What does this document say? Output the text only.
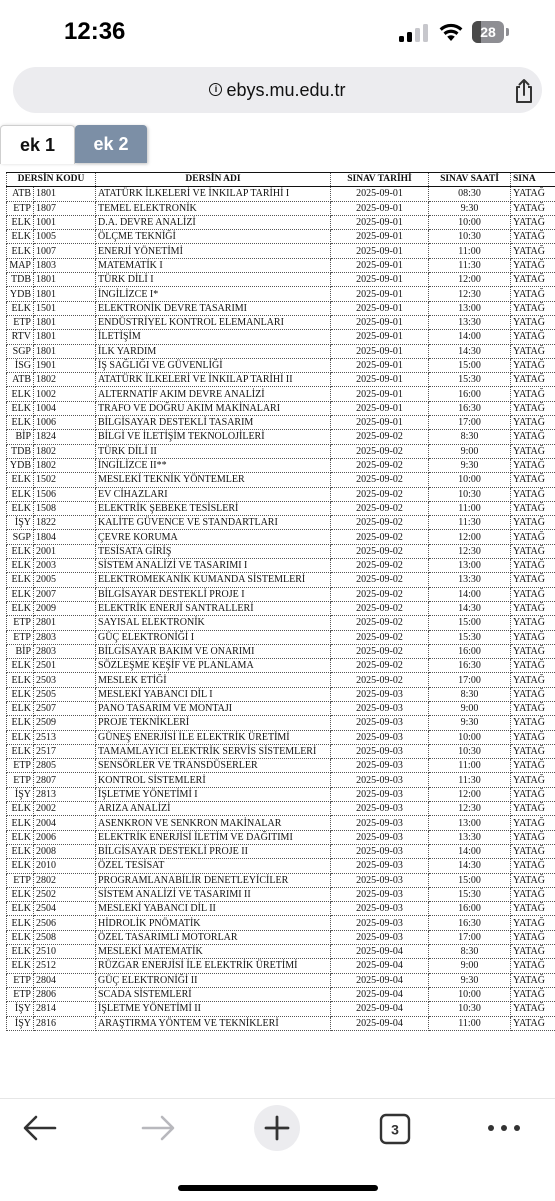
12:36	28
i ebys.mu.edu.tr
ek 1	ek 2
DERSİN KODU		DERSİN ADI	SINAV TARİHİ	SINAV SAATİ	SINA
ATB	1801	ATATÜRK İLKELERİ VE İNKILAP TARİHİ I	2025-09-01	08:30	YATAĞ
ETP	1807	TEMEL ELEKTRONİK	2025-09-01	9:30	YATAĞ
ELK	1001	D.A. DEVRE ANALİZİ	2025-09-01	10:00	YATAĞ
ELK	1005	ÖLÇME TEKNİĞİ	2025-09-01	10:30	YATAĞ
ELK	1007	ENERJİ YÖNETİMİ	2025-09-01	11:00	YATAĞ
MAP	1803	MATEMATİK I	2025-09-01	11:30	YATAĞ
TDB	1801	TÜRK DİLİ I	2025-09-01	12:00	YATAĞ
YDB	1801	İNGİLİZCE I*	2025-09-01	12:30	YATAĞ
ELK	1501	ELEKTRONİK DEVRE TASARIMI	2025-09-01	13:00	YATAĞ
ETP	1801	ENDÜSTRİYEL KONTROL ELEMANLARI	2025-09-01	13:30	YATAĞ
RTV	1801	İLETİŞİM	2025-09-01	14:00	YATAĞ
SGP	1801	İLK YARDIM	2025-09-01	14:30	YATAĞ
İSG	1901	İŞ SAĞLIĞI VE GÜVENLİĞİ	2025-09-01	15:00	YATAĞ
ATB	1802	ATATÜRK İLKELERİ VE İNKILAP TARİHİ II	2025-09-01	15:30	YATAĞ
ELK	1002	ALTERNATİF AKIM DEVRE ANALİZİ	2025-09-01	16:00	YATAĞ
ELK	1004	TRAFO VE DOĞRU AKIM MAKİNALARI	2025-09-01	16:30	YATAĞ
ELK	1006	BİLGİSAYAR DESTEKLİ TASARIM	2025-09-01	17:00	YATAĞ
BİP	1824	BİLGİ VE İLETİŞİM TEKNOLOJİLERİ	2025-09-02	8:30	YATAĞ
TDB	1802	TÜRK DİLİ II	2025-09-02	9:00	YATAĞ
YDB	1802	İNGİLİZCE II**	2025-09-02	9:30	YATAĞ
ELK	1502	MESLEKİ TEKNİK YÖNTEMLER	2025-09-02	10:00	YATAĞ
ELK	1506	EV CİHAZLARI	2025-09-02	10:30	YATAĞ
ELK	1508	ELEKTRİK ŞEBEKE TESİSLERİ	2025-09-02	11:00	YATAĞ
İŞY	1822	KALİTE GÜVENCE VE STANDARTLARI	2025-09-02	11:30	YATAĞ
SGP	1804	ÇEVRE KORUMA	2025-09-02	12:00	YATAĞ
ELK	2001	TESİSATA GİRİŞ	2025-09-02	12:30	YATAĞ
ELK	2003	SİSTEM ANALİZİ VE TASARIMI I	2025-09-02	13:00	YATAĞ
ELK	2005	ELEKTROMEKANİK KUMANDA SİSTEMLERİ	2025-09-02	13:30	YATAĞ
ELK	2007	BİLGİSAYAR DESTEKLİ PROJE I	2025-09-02	14:00	YATAĞ
ELK	2009	ELEKTRİK ENERJİ SANTRALLERİ	2025-09-02	14:30	YATAĞ
ETP	2801	SAYISAL ELEKTRONİK	2025-09-02	15:00	YATAĞ
ETP	2803	GÜÇ ELEKTRONİĞİ I	2025-09-02	15:30	YATAĞ
BİP	2803	BİLGİSAYAR BAKIM VE ONARIMI	2025-09-02	16:00	YATAĞ
ELK	2501	SÖZLEŞME KEŞİF VE PLANLAMA	2025-09-02	16:30	YATAĞ
ELK	2503	MESLEK ETİĞİ	2025-09-02	17:00	YATAĞ
ELK	2505	MESLEKİ YABANCI DİL I	2025-09-03	8:30	YATAĞ
ELK	2507	PANO TASARIM VE MONTAJI	2025-09-03	9:00	YATAĞ
ELK	2509	PROJE TEKNİKLERİ	2025-09-03	9:30	YATAĞ
ELK	2513	GÜNEŞ ENERJİSİ İLE ELEKTRİK ÜRETİMİ	2025-09-03	10:00	YATAĞ
ELK	2517	TAMAMLAYICI ELEKTRİK SERVİS SİSTEMLERİ	2025-09-03	10:30	YATAĞ
ETP	2805	SENSÖRLER VE TRANSDÜSERLER	2025-09-03	11:00	YATAĞ
ETP	2807	KONTROL SİSTEMLERİ	2025-09-03	11:30	YATAĞ
İŞY	2813	İŞLETME YÖNETİMİ I	2025-09-03	12:00	YATAĞ
ELK	2002	ARIZA ANALİZİ	2025-09-03	12:30	YATAĞ
ELK	2004	ASENKRON VE SENKRON MAKİNALAR	2025-09-03	13:00	YATAĞ
ELK	2006	ELEKTRİK ENERJİSİ İLETİM VE DAĞITIMI	2025-09-03	13:30	YATAĞ
ELK	2008	BİLGİSAYAR DESTEKLİ PROJE II	2025-09-03	14:00	YATAĞ
ELK	2010	ÖZEL TESİSAT	2025-09-03	14:30	YATAĞ
ETP	2802	PROGRAMLANABİLİR DENETLEYİCİLER	2025-09-03	15:00	YATAĞ
ELK	2502	SİSTEM ANALİZİ VE TASARIMI II	2025-09-03	15:30	YATAĞ
ELK	2504	MESLEKİ YABANCI DİL II	2025-09-03	16:00	YATAĞ
ELK	2506	HİDROLİK PNÖMATİK	2025-09-03	16:30	YATAĞ
ELK	2508	ÖZEL TASARIMLI MOTORLAR	2025-09-03	17:00	YATAĞ
ELK	2510	MESLEKİ MATEMATİK	2025-09-04	8:30	YATAĞ
ELK	2512	RÜZGAR ENERJİSİ İLE ELEKTRİK ÜRETİMİ	2025-09-04	9:00	YATAĞ
ETP	2804	GÜÇ ELEKTRONİĞİ II	2025-09-04	9:30	YATAĞ
ETP	2806	SCADA SİSTEMLERİ	2025-09-04	10:00	YATAĞ
İŞY	2814	İŞLETME YÖNETİMİ II	2025-09-04	10:30	YATAĞ
İŞY	2816	ARAŞTIRMA YÖNTEM VE TEKNİKLERİ	2025-09-04	11:00	YATAĞ
3
